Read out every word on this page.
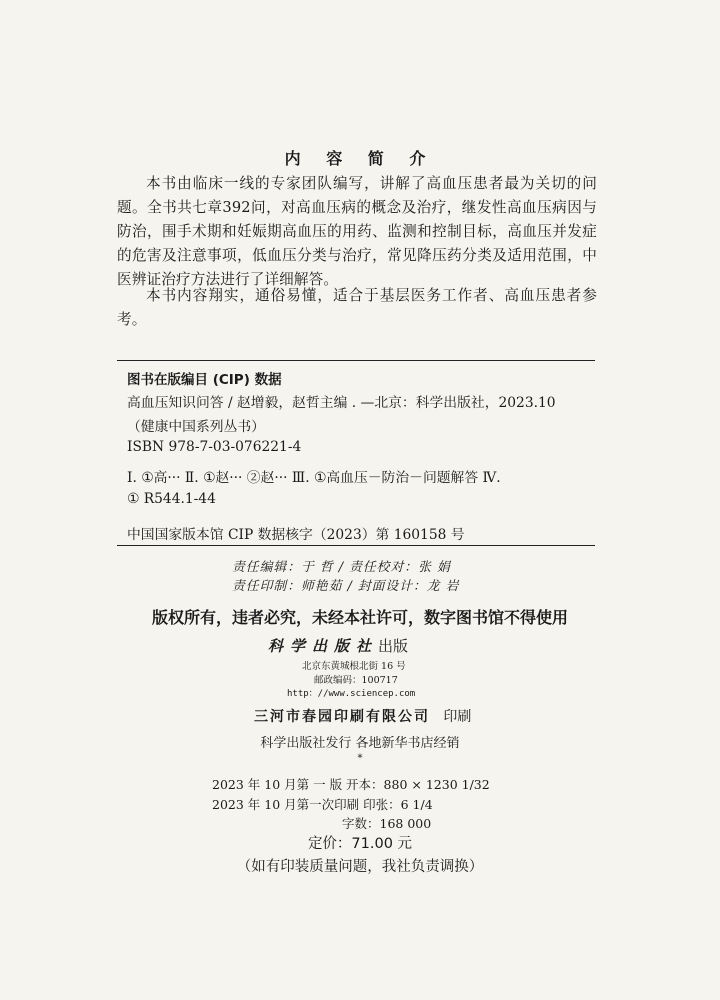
内 容 简 介
本书由临床一线的专家团队编写，讲解了高血压患者最为关切的问题。全书共七章392问，对高血压病的概念及治疗，继发性高血压病因与防治，围手术期和妊娠期高血压的用药、监测和控制目标，高血压并发症的危害及注意事项，低血压分类与治疗，常见降压药分类及适用范围，中医辨证治疗方法进行了详细解答。
本书内容翔实，通俗易懂，适合于基层医务工作者、高血压患者参考。
图书在版编目 (CIP) 数据
高血压知识问答 / 赵增毅，赵哲主编 . —北京：科学出版社，2023.10
（健康中国系列丛书）
ISBN 978-7-03-076221-4
Ⅰ. ①高··· Ⅱ. ①赵··· ②赵··· Ⅲ. ①高血压－防治－问题解答 Ⅳ.
① R544.1-44
中国国家版本馆 CIP 数据核字（2023）第 160158 号
责任编辑：于 哲 / 责任校对：张 娟
责任印制：师艳茹 / 封面设计：龙 岩
版权所有，违者必究，未经本社许可，数字图书馆不得使用
科学出版社出版
北京东黄城根北街 16 号
邮政编码：100717
http：//www.sciencep.com
三河市春园印刷有限公司 印刷
科学出版社发行 各地新华书店经销
*
2023 年 10 月第 一 版 开本：880 × 1230 1/32
2023 年 10 月第一次印刷 印张：6 1/4
字数：168 000
定价：71.00 元
（如有印装质量问题，我社负责调换）
